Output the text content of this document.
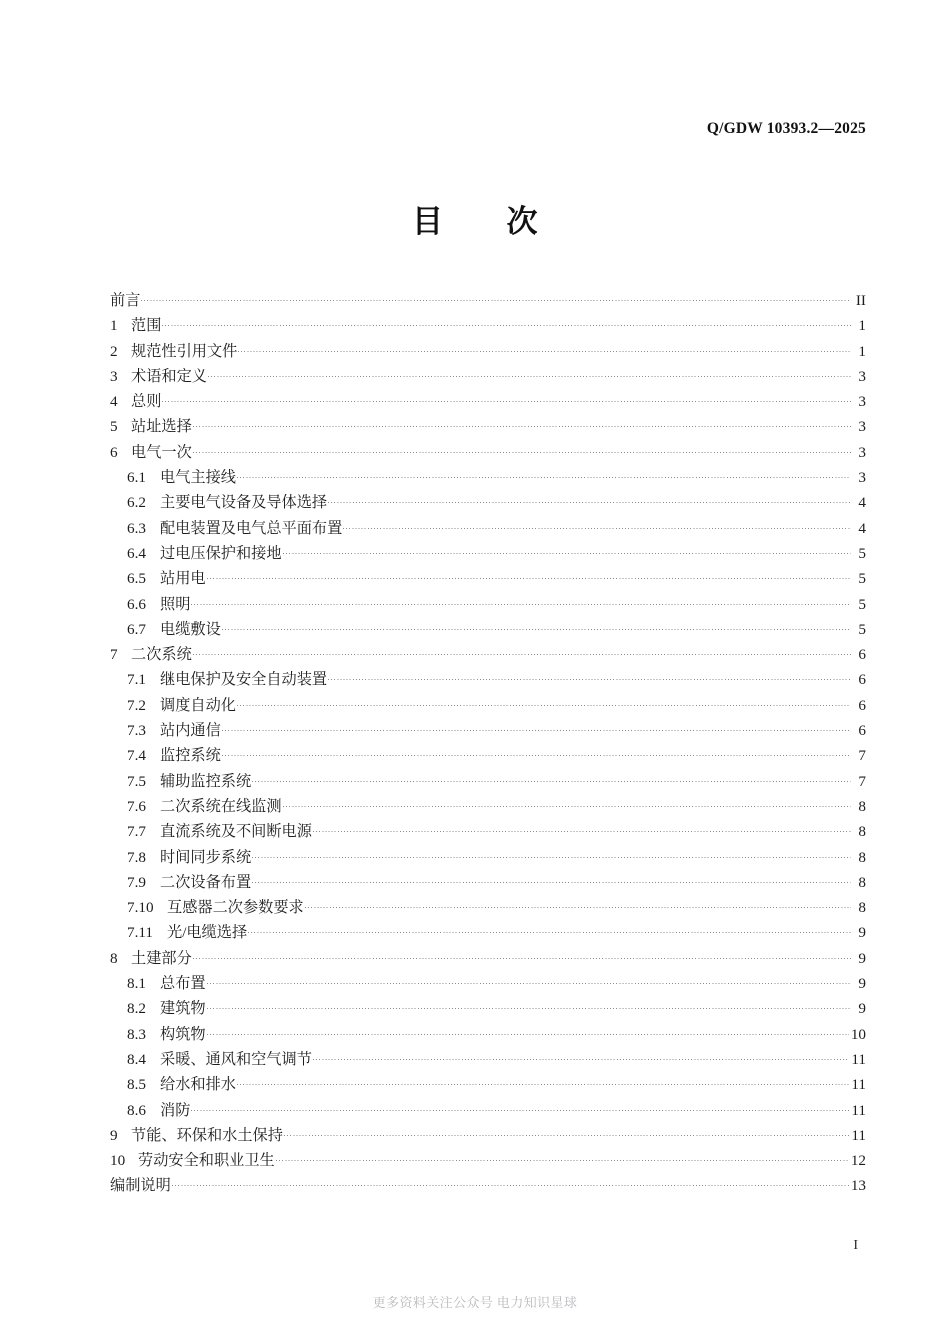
Q/GDW 10393.2—2025
目　　次
前言	II
1 范围	1
2 规范性引用文件	1
3 术语和定义	3
4 总则	3
5 站址选择	3
6 电气一次	3
6.1 电气主接线	3
6.2 主要电气设备及导体选择	4
6.3 配电装置及电气总平面布置	4
6.4 过电压保护和接地	5
6.5 站用电	5
6.6 照明	5
6.7 电缆敷设	5
7 二次系统	6
7.1 继电保护及安全自动装置	6
7.2 调度自动化	6
7.3 站内通信	6
7.4 监控系统	7
7.5 辅助监控系统	7
7.6 二次系统在线监测	8
7.7 直流系统及不间断电源	8
7.8 时间同步系统	8
7.9 二次设备布置	8
7.10 互感器二次参数要求	8
7.11 光/电缆选择	9
8 土建部分	9
8.1 总布置	9
8.2 建筑物	9
8.3 构筑物	10
8.4 采暖、通风和空气调节	11
8.5 给水和排水	11
8.6 消防	11
9 节能、环保和水土保持	11
10 劳动安全和职业卫生	12
编制说明	13
I
更多资料关注公众号 电力知识星球
